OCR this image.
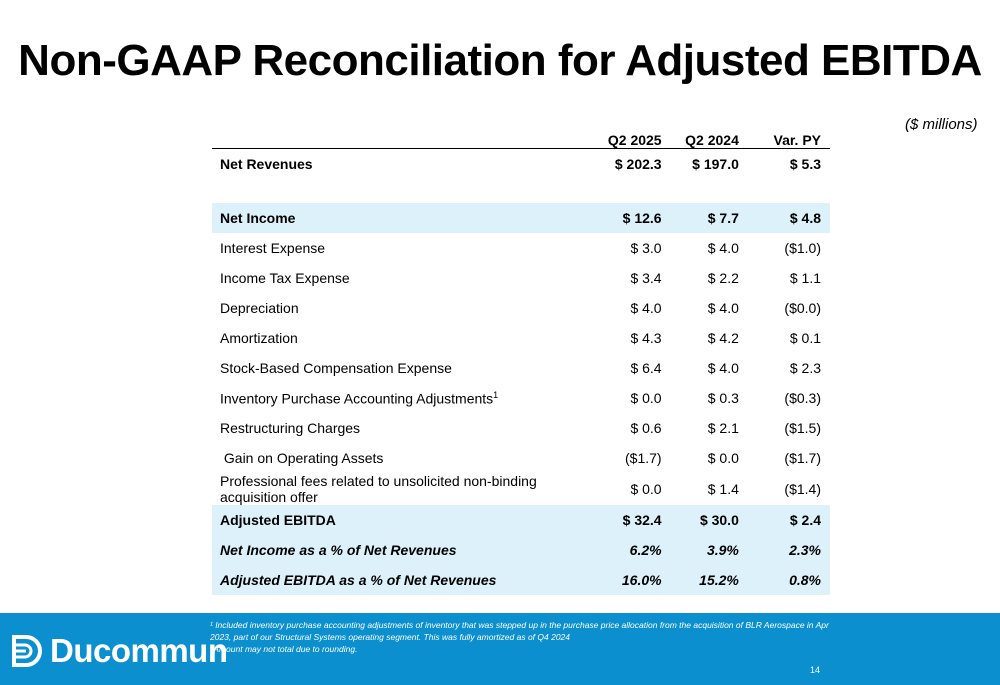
Non-GAAP Reconciliation for Adjusted EBITDA
($ millions)
	Q2 2025	Q2 2024	Var. PY
Net Revenues	$ 202.3	$ 197.0	$ 5.3

Net Income	$ 12.6	$ 7.7	$ 4.8
Interest Expense	$ 3.0	$ 4.0	($1.0)
Income Tax Expense	$ 3.4	$ 2.2	$ 1.1
Depreciation	$ 4.0	$ 4.0	($0.0)
Amortization	$ 4.3	$ 4.2	$ 0.1
Stock-Based Compensation Expense	$ 6.4	$ 4.0	$ 2.3
Inventory Purchase Accounting Adjustments$^1$	$ 0.0	$ 0.3	($0.3)
Restructuring Charges	$ 0.6	$ 2.1	($1.5)
Gain on Operating Assets	($1.7)	$ 0.0	($1.7)
Professional fees related to unsolicited non-binding acquisition offer	$ 0.0	$ 1.4	($1.4)
Adjusted EBITDA	$ 32.4	$ 30.0	$ 2.4
Net Income as a % of Net Revenues	6.2%	3.9%	2.3%
Adjusted EBITDA as a % of Net Revenues	16.0%	15.2%	0.8%
Ducommun
¹ Included inventory purchase accounting adjustments of inventory that was stepped up in the purchase price allocation from the acquisition of BLR Aerospace in Apr 2023, part of our Structural Systems operating segment. This was fully amortized as of Q4 2024
*Amount may not total due to rounding.
14
